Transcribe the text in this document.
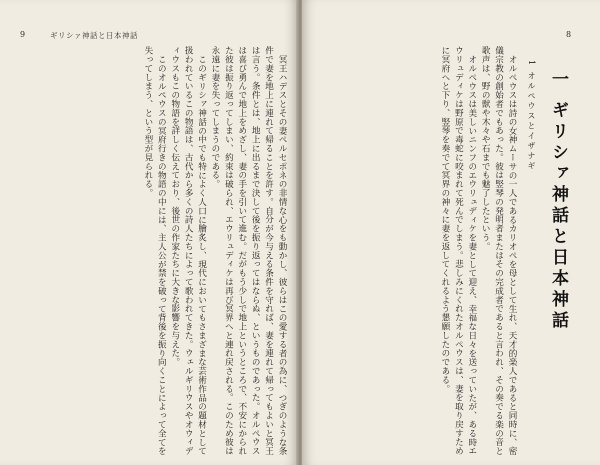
9	ギリシァ神話と日本神話

冥王ハデスとその妻ペルセポネの非情な心をも動かし、彼らはこの愛する者の為に、つぎのような条件で妻を地上に連れて帰ることを許す。自分が今与える条件を守れば、妻を連れて帰ってもよいと冥王は言う。条件とは、地上に出るまで決して後を振り返ってはならぬ、というものであった。オルペウスは喜び勇んで地上をめざし、妻の手を引いて進む。だがもう少しで地上というところで、不安にかられた彼は振り返ってしまい、約束は破られ、エウリュディケは再び冥界へと連れ戻される。このため彼は永遠に妻を失ってしまうのである。

このギリシァ神話の中でも特によく人口に膾炙し、現代においてもさまざまな芸術作品の題材として扱われているこの物語は、古代から多くの詩人たちによって歌われてきた。ウェルギリウスやオウィディウスもこの物語を詳しく伝えており、後世の作家たちに大きな影響を与えた。

このオルペウスの冥府行きの物語の中には、主人公が禁を破って背後を振り向くことによって全てを失ってしまう、という型が見られる。

8
一 ギリシァ神話と日本神話
1 オルペウスとイザナギ

オルペウスは詩の女神ムーサの一人であるカリオペを母として生れ、天才的楽人であると同時に、密儀宗教の創始者でもあった。彼は竪琴の発明者またはその完成者であると言われ、その奏でる楽の音と歌声は、野の獣や木々や石までも魅了したという。

オルペウスは美しいニンフのエウリュディケを妻として迎え、幸福な日々を送っていたが、ある時エウリュディケは野原で毒蛇に咬まれて死んでしまう。悲しみにくれたオルペウスは、妻を取り戻すために冥府へと下り、竪琴を奏でて冥界の神々に妻を返してくれるよう懇願したのである。
